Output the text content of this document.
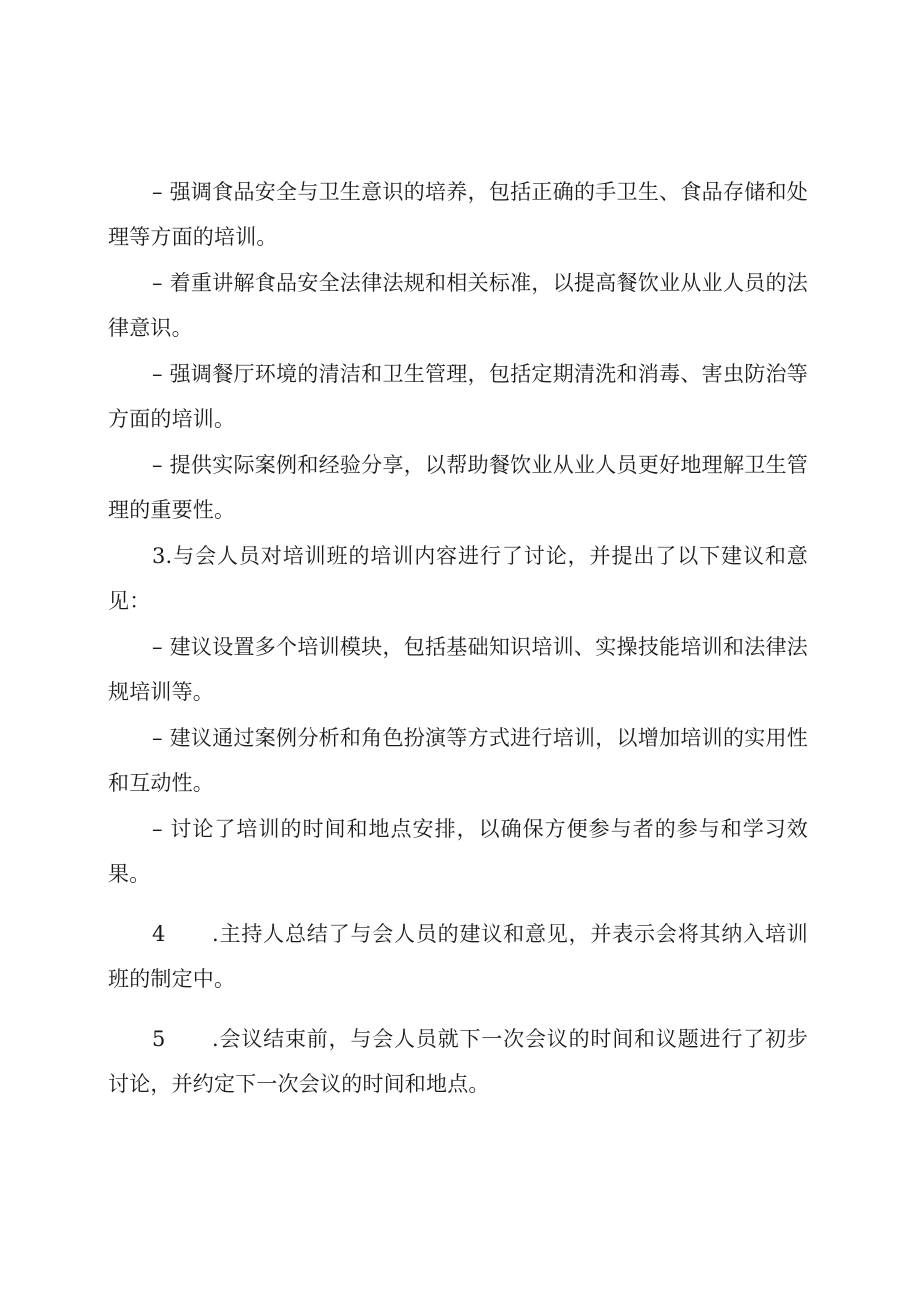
– 强调食品安全与卫生意识的培养，包括正确的手卫生、食品存储和处理等方面的培训。

– 着重讲解食品安全法律法规和相关标准，以提高餐饮业从业人员的法律意识。

– 强调餐厅环境的清洁和卫生管理，包括定期清洗和消毒、害虫防治等方面的培训。

– 提供实际案例和经验分享，以帮助餐饮业从业人员更好地理解卫生管理的重要性。

3.与会人员对培训班的培训内容进行了讨论，并提出了以下建议和意见：

– 建议设置多个培训模块，包括基础知识培训、实操技能培训和法律法规培训等。

– 建议通过案例分析和角色扮演等方式进行培训，以增加培训的实用性和互动性。

– 讨论了培训的时间和地点安排，以确保方便参与者的参与和学习效果。

4 .主持人总结了与会人员的建议和意见，并表示会将其纳入培训班的制定中。

5 .会议结束前，与会人员就下一次会议的时间和议题进行了初步讨论，并约定下一次会议的时间和地点。
